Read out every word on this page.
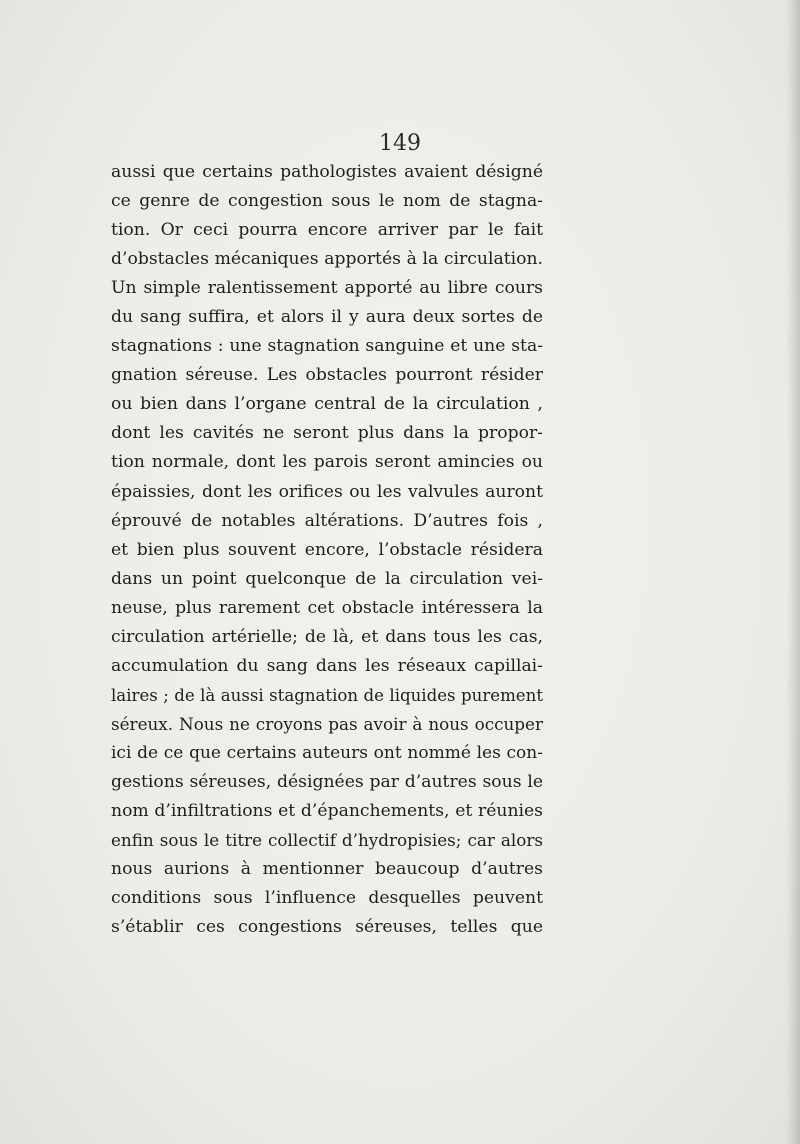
149
aussi que certains pathologistes avaient désigné
ce genre de congestion sous le nom de stagna-
tion. Or ceci pourra encore arriver par le fait
d’obstacles mécaniques apportés à la circulation.
Un simple ralentissement apporté au libre cours
du sang suffira, et alors il y aura deux sortes de
stagnations : une stagnation sanguine et une sta-
gnation séreuse. Les obstacles pourront résider
ou bien dans l’organe central de la circulation ,
dont les cavités ne seront plus dans la propor-
tion normale, dont les parois seront amincies ou
épaissies, dont les orifices ou les valvules auront
éprouvé de notables altérations. D’autres fois ,
et bien plus souvent encore, l’obstacle résidera
dans un point quelconque de la circulation vei-
neuse, plus rarement cet obstacle intéressera la
circulation artérielle; de là, et dans tous les cas,
accumulation du sang dans les réseaux capillai-
laires ; de là aussi stagnation de liquides purement
séreux. Nous ne croyons pas avoir à nous occuper
ici de ce que certains auteurs ont nommé les con-
gestions séreuses, désignées par d’autres sous le
nom d’infiltrations et d’épanchements, et réunies
enfin sous le titre collectif d’hydropisies; car alors
nous aurions à mentionner beaucoup d’autres
conditions sous l’influence desquelles peuvent
s’établir ces congestions séreuses, telles que
